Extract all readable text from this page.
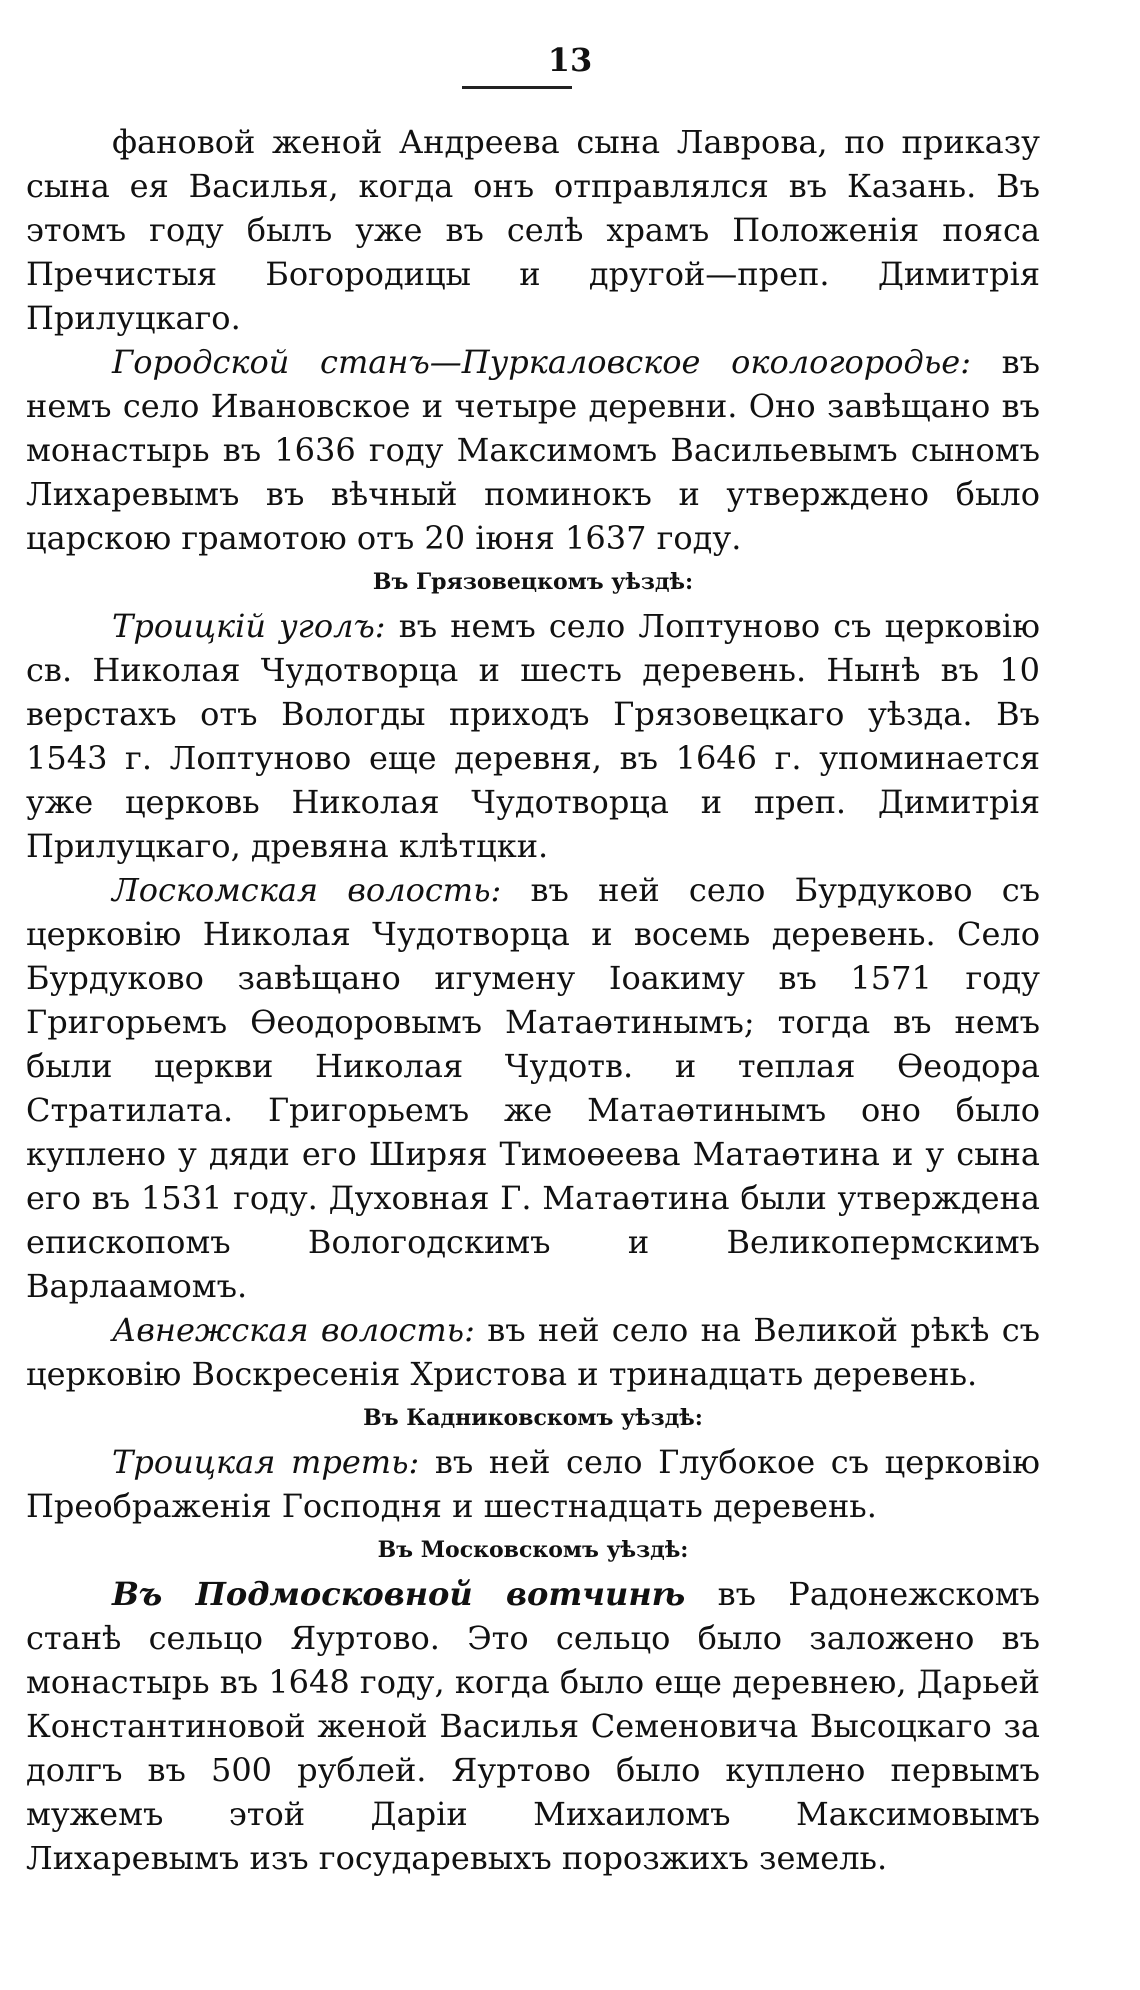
13

фановой женой Андреева сына Лаврова, по приказу сына ея Василья, когда онъ отправлялся въ Казань. Въ этомъ году былъ уже въ селѣ храмъ Положенія пояса Пречистыя Богородицы и другой—преп. Димитрія Прилуцкаго.

Городской станъ—Пуркаловское окологородье: въ немъ село Ивановское и четыре деревни. Оно завѣщано въ монастырь въ 1636 году Максимомъ Васильевымъ сыномъ Лихаревымъ въ вѣчный поминокъ и утверждено было царскою грамотою отъ 20 іюня 1637 году.

Въ Грязовецкомъ уѣздѣ:

Троицкій уголъ: въ немъ село Лоптуново съ церковію св. Николая Чудотворца и шесть деревень. Нынѣ въ 10 верстахъ отъ Вологды приходъ Грязовецкаго уѣзда. Въ 1543 г. Лоптуново еще деревня, въ 1646 г. упоминается уже церковь Николая Чудотворца и преп. Димитрія Прилуцкаго, древяна клѣтцки.

Лоскомская волость: въ ней село Бурдуково съ церковію Николая Чудотворца и восемь деревень. Село Бурдуково завѣщано игумену Іоакиму въ 1571 году Григорьемъ Өеодоровымъ Матаөтинымъ; тогда въ немъ были церкви Николая Чудотв. и теплая Өеодора Стратилата. Григорьемъ же Матаөтинымъ оно было куплено у дяди его Ширяя Тимоөеева Матаөтина и у сына его въ 1531 году. Духовная Г. Матаөтина были утверждена епископомъ Вологодскимъ и Великопермскимъ Варлаамомъ.

Авнежская волость: въ ней село на Великой рѣкѣ съ церковію Воскресенія Христова и тринадцать деревень.

Въ Кадниковскомъ уѣздѣ:

Троицкая треть: въ ней село Глубокое съ церковію Преображенія Господня и шестнадцать деревень.

Въ Московскомъ уѣздѣ:

Въ Подмосковной вотчинѣ въ Радонежскомъ станѣ сельцо Яуртово. Это сельцо было заложено въ монастырь въ 1648 году, когда было еще деревнею, Дарьей Константиновой женой Василья Семеновича Высоцкаго за долгъ въ 500 рублей. Яуртово было куплено первымъ мужемъ этой Даріи Михаиломъ Максимовымъ Лихаревымъ изъ государевыхъ порозжихъ земель.
